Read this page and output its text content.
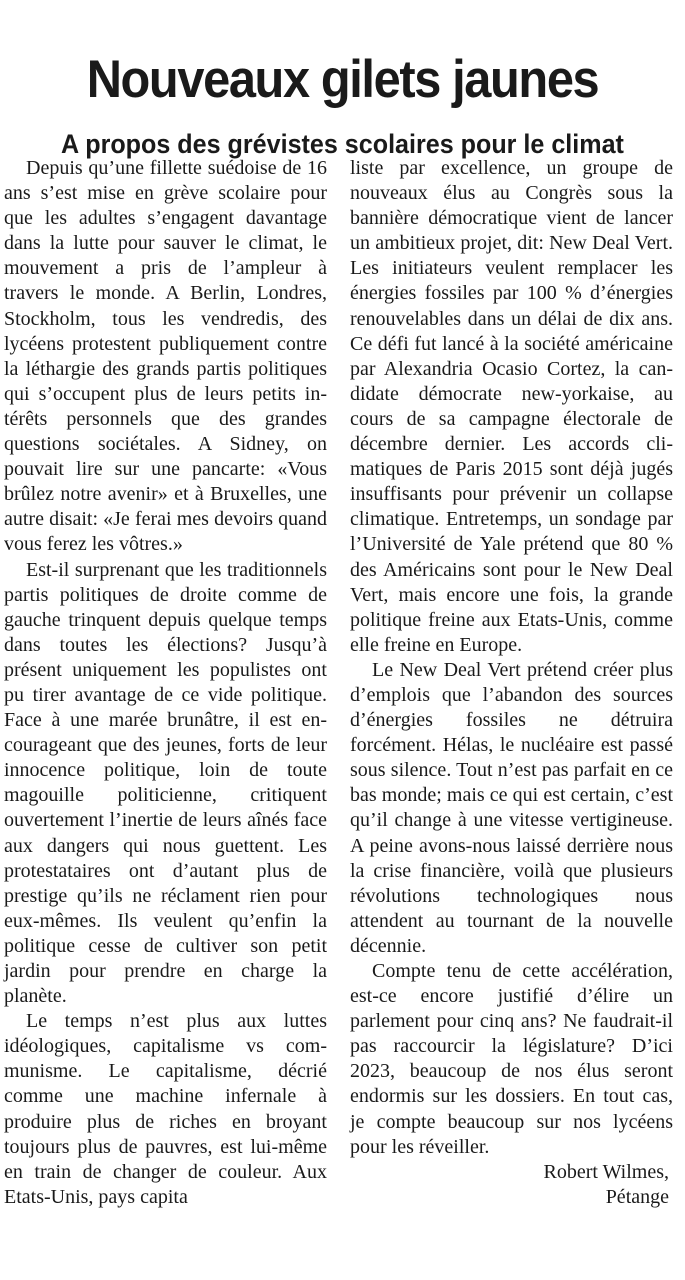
Nouveaux gilets jaunes
A propos des grévistes scolaires pour le climat

Depuis qu’une fillette suédoise de 16 ans s’est mise en grève scolaire pour que les adultes s’engagent davantage dans la lutte pour sauver le climat, le mouvement a pris de l’ampleur à travers le monde. A Berlin, Londres, Stockholm, tous les vendredis, des lycéens protestent publiquement contre la léthargie des grands partis politiques qui s’occupent plus de leurs petits intérêts personnels que des grandes questions sociétales. A Sidney, on pouvait lire sur une pancarte: «Vous brûlez notre avenir» et à Bruxelles, une autre disait: «Je ferai mes devoirs quand vous ferez les vôtres.»

Est-il surprenant que les traditionnels partis politiques de droite comme de gauche trinquent depuis quelque temps dans toutes les élections? Jusqu’à présent uniquement les populistes ont pu tirer avantage de ce vide politique. Face à une marée brunâtre, il est encourageant que des jeunes, forts de leur innocence politique, loin de toute magouille politicienne, critiquent ouvertement l’inertie de leurs aînés face aux dangers qui nous guettent. Les protestataires ont d’autant plus de prestige qu’ils ne réclament rien pour eux-mêmes. Ils veulent qu’enfin la politique cesse de cultiver son petit jardin pour prendre en charge la planète.

Le temps n’est plus aux luttes idéologiques, capitalisme vs communisme. Le capitalisme, décrié comme une machine infernale à produire plus de riches en broyant toujours plus de pauvres, est lui-même en train de changer de couleur. Aux Etats-Unis, pays capita

liste par excellence, un groupe de nouveaux élus au Congrès sous la bannière démocratique vient de lancer un ambitieux projet, dit: New Deal Vert. Les initiateurs veulent remplacer les énergies fossiles par 100 % d’énergies renouvelables dans un délai de dix ans. Ce défi fut lancé à la société américaine par Alexandria Ocasio Cortez, la candidate démocrate new-yorkaise, au cours de sa campagne électorale de décembre dernier. Les accords climatiques de Paris 2015 sont déjà jugés insuffisants pour prévenir un collapse climatique. Entretemps, un sondage par l’Université de Yale prétend que 80 % des Américains sont pour le New Deal Vert, mais encore une fois, la grande politique freine aux Etats-Unis, comme elle freine en Europe.

Le New Deal Vert prétend créer plus d’emplois que l’abandon des sources d’énergies fossiles ne détruira forcément. Hélas, le nucléaire est passé sous silence. Tout n’est pas parfait en ce bas monde; mais ce qui est certain, c’est qu’il change à une vitesse vertigineuse. A peine avons-nous laissé derrière nous la crise financière, voilà que plusieurs révolutions technologiques nous attendent au tournant de la nouvelle décennie.

Compte tenu de cette accélération, est-ce encore justifié d’élire un parlement pour cinq ans? Ne faudrait-il pas raccourcir la législature? D’ici 2023, beaucoup de nos élus seront endormis sur les dossiers. En tout cas, je compte beaucoup sur nos lycéens pour les réveiller.

Robert Wilmes,
Pétange
